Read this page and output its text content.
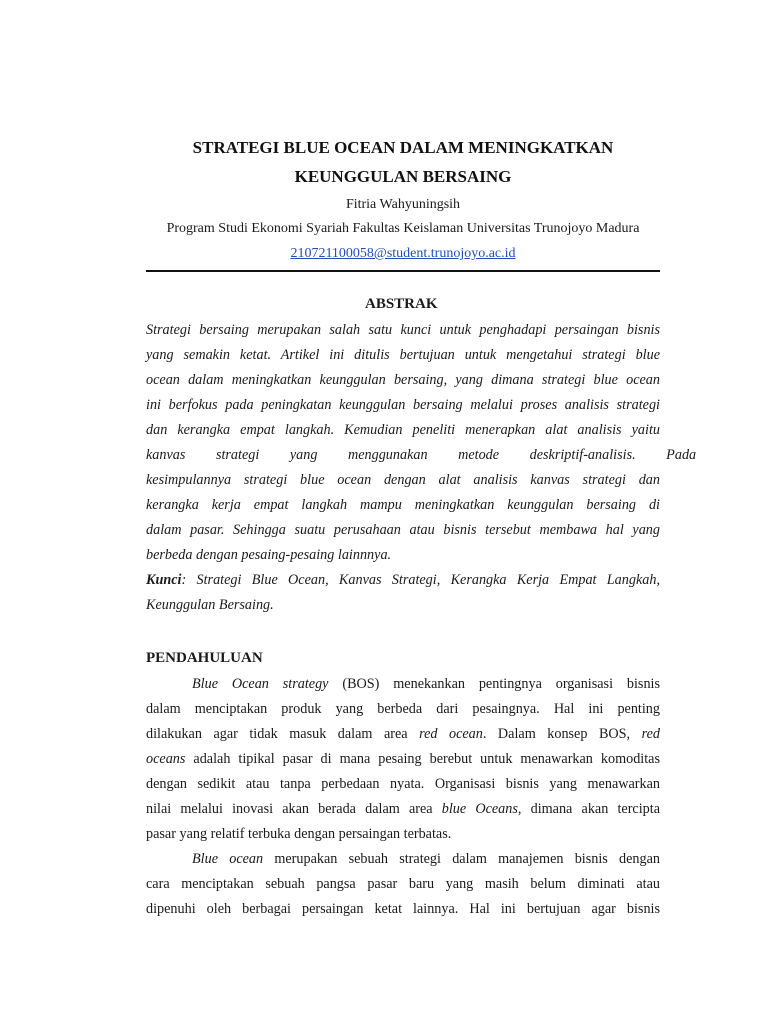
STRATEGI BLUE OCEAN DALAM MENINGKATKAN
KEUNGGULAN BERSAING
Fitria Wahyuningsih
Program Studi Ekonomi Syariah Fakultas Keislaman Universitas Trunojoyo Madura
210721100058@student.trunojoyo.ac.id
ABSTRAK
Strategi bersaing merupakan salah satu kunci untuk penghadapi persaingan bisnis
yang semakin ketat. Artikel ini ditulis bertujuan untuk mengetahui strategi blue
ocean dalam meningkatkan keunggulan bersaing, yang dimana strategi blue ocean
ini berfokus pada peningkatan keunggulan bersaing melalui proses analisis strategi
dan kerangka empat langkah. Kemudian peneliti menerapkan alat analisis yaitu
kanvas strategi yang menggunakan metode deskriptif-analisis. Pada
kesimpulannya strategi blue ocean dengan alat analisis kanvas strategi dan
kerangka kerja empat langkah mampu meningkatkan keunggulan bersaing di
dalam pasar. Sehingga suatu perusahaan atau bisnis tersebut membawa hal yang
berbeda dengan pesaing-pesaing lainnnya.
Kunci: Strategi Blue Ocean, Kanvas Strategi, Kerangka Kerja Empat Langkah,
Keunggulan Bersaing.
PENDAHULUAN
Blue Ocean strategy (BOS) menekankan pentingnya organisasi bisnis
dalam menciptakan produk yang berbeda dari pesaingnya. Hal ini penting
dilakukan agar tidak masuk dalam area red ocean. Dalam konsep BOS, red
oceans adalah tipikal pasar di mana pesaing berebut untuk menawarkan komoditas
dengan sedikit atau tanpa perbedaan nyata. Organisasi bisnis yang menawarkan
nilai melalui inovasi akan berada dalam area blue Oceans, dimana akan tercipta
pasar yang relatif terbuka dengan persaingan terbatas.
Blue ocean merupakan sebuah strategi dalam manajemen bisnis dengan
cara menciptakan sebuah pangsa pasar baru yang masih belum diminati atau
dipenuhi oleh berbagai persaingan ketat lainnya. Hal ini bertujuan agar bisnis
